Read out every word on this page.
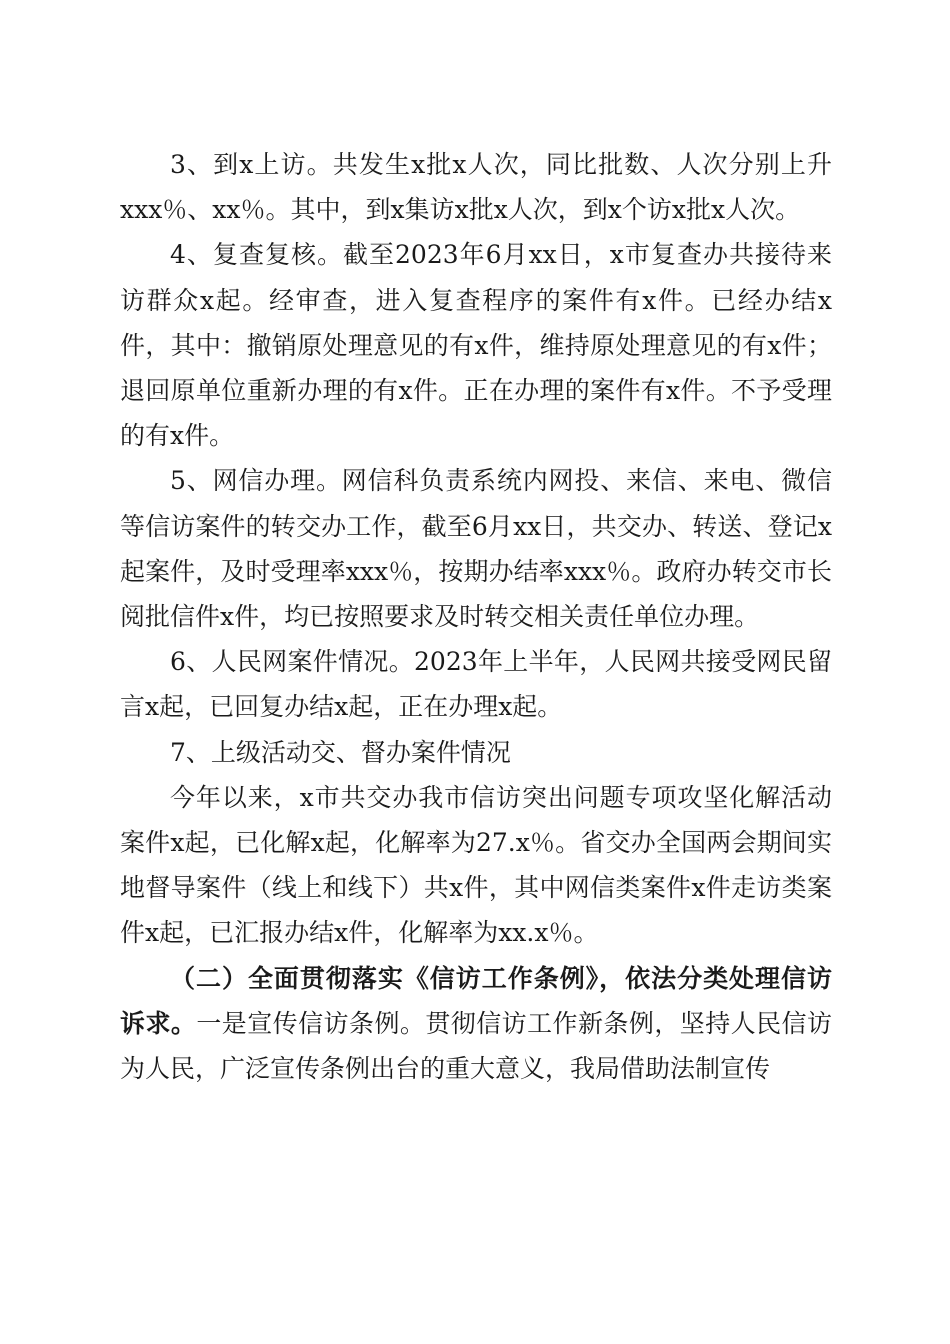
3、到x上访。共发生x批x人次，同比批数、人次分别上升xxx％、xx％。其中，到x集访x批x人次，到x个访x批x人次。

4、复查复核。截至2023年6月xx日，x市复查办共接待来访群众x起。经审查，进入复查程序的案件有x件。已经办结x件，其中：撤销原处理意见的有x件，维持原处理意见的有x件；退回原单位重新办理的有x件。正在办理的案件有x件。不予受理的有x件。

5、网信办理。网信科负责系统内网投、来信、来电、微信等信访案件的转交办工作，截至6月xx日，共交办、转送、登记x起案件，及时受理率xxx％，按期办结率xxx％。政府办转交市长阅批信件x件，均已按照要求及时转交相关责任单位办理。

6、人民网案件情况。2023年上半年，人民网共接受网民留言x起，已回复办结x起，正在办理x起。

7、上级活动交、督办案件情况

今年以来，x市共交办我市信访突出问题专项攻坚化解活动案件x起，已化解x起，化解率为27.x％。省交办全国两会期间实地督导案件（线上和线下）共x件，其中网信类案件x件走访类案件x起，已汇报办结x件，化解率为xx.x％。

（二）全面贯彻落实《信访工作条例》，依法分类处理信访诉求。一是宣传信访条例。贯彻信访工作新条例，坚持人民信访为人民，广泛宣传条例出台的重大意义，我局借助法制宣传
